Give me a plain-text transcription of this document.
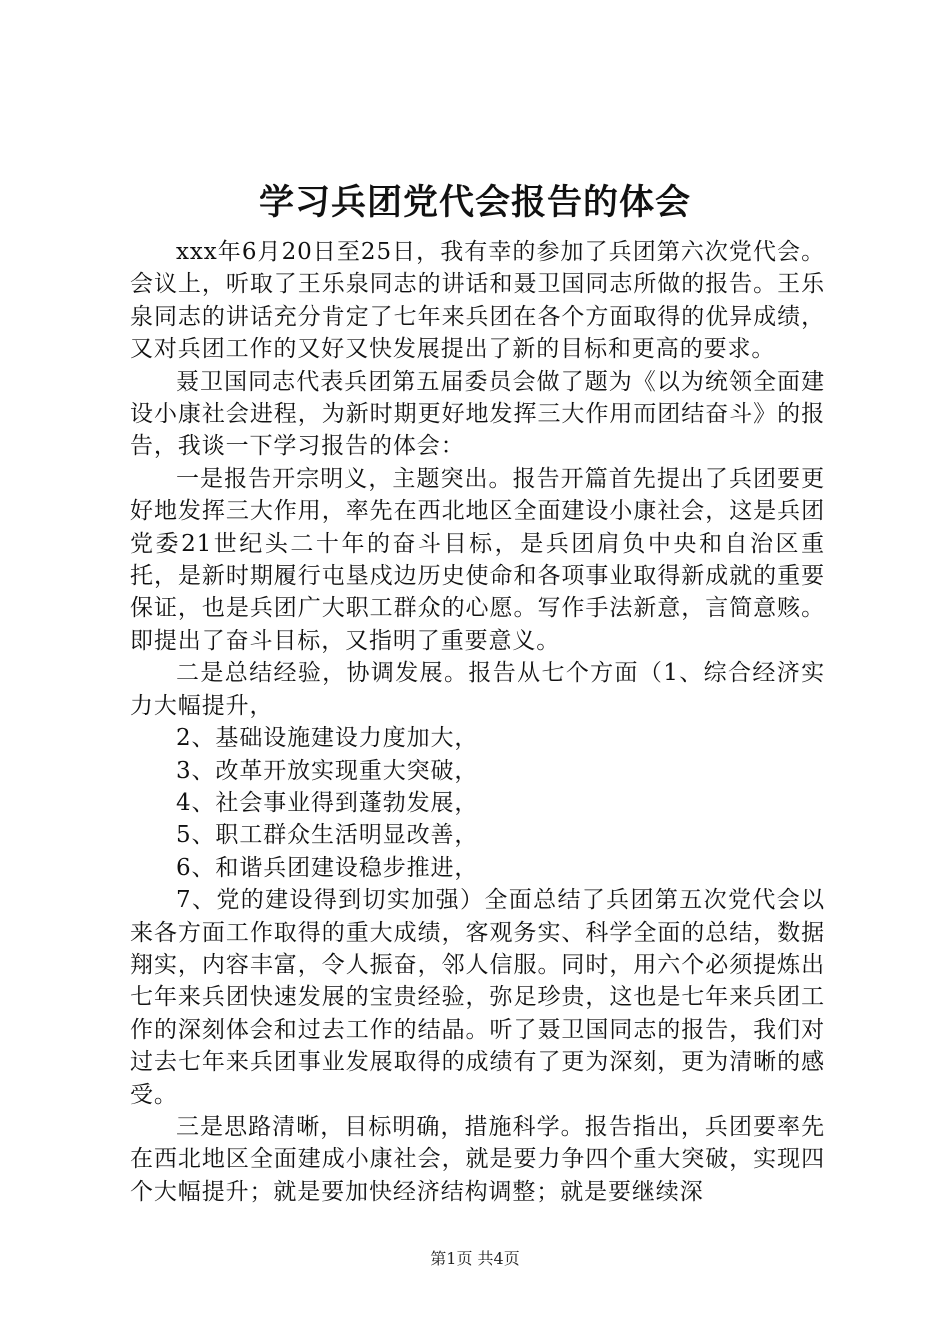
学习兵团党代会报告的体会

xxx年6月20日至25日，我有幸的参加了兵团第六次党代会。会议上，听取了王乐泉同志的讲话和聂卫国同志所做的报告。王乐泉同志的讲话充分肯定了七年来兵团在各个方面取得的优异成绩，又对兵团工作的又好又快发展提出了新的目标和更高的要求。

聂卫国同志代表兵团第五届委员会做了题为《以为统领全面建设小康社会进程，为新时期更好地发挥三大作用而团结奋斗》的报告，我谈一下学习报告的体会：

一是报告开宗明义，主题突出。报告开篇首先提出了兵团要更好地发挥三大作用，率先在西北地区全面建设小康社会，这是兵团党委21世纪头二十年的奋斗目标，是兵团肩负中央和自治区重托，是新时期履行屯垦戍边历史使命和各项事业取得新成就的重要保证，也是兵团广大职工群众的心愿。写作手法新意，言简意赅。即提出了奋斗目标，又指明了重要意义。

二是总结经验，协调发展。报告从七个方面（1、综合经济实力大幅提升，

2、基础设施建设力度加大，

3、改革开放实现重大突破，

4、社会事业得到蓬勃发展，

5、职工群众生活明显改善，

6、和谐兵团建设稳步推进，

7、党的建设得到切实加强）全面总结了兵团第五次党代会以来各方面工作取得的重大成绩，客观务实、科学全面的总结，数据翔实，内容丰富，令人振奋，邻人信服。同时，用六个必须提炼出七年来兵团快速发展的宝贵经验，弥足珍贵，这也是七年来兵团工作的深刻体会和过去工作的结晶。听了聂卫国同志的报告，我们对过去七年来兵团事业发展取得的成绩有了更为深刻，更为清晰的感受。

三是思路清晰，目标明确，措施科学。报告指出，兵团要率先在西北地区全面建成小康社会，就是要力争四个重大突破，实现四个大幅提升；就是要加快经济结构调整；就是要继续深

第1页 共4页
